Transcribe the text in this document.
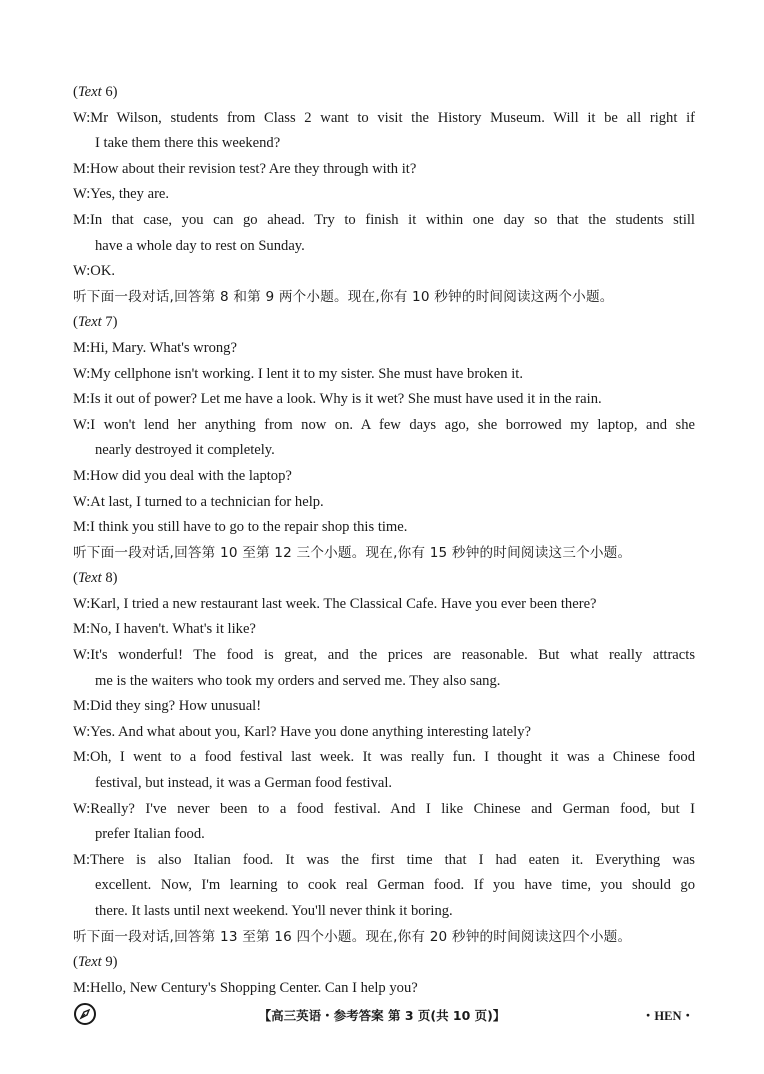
(Text 6)
W:Mr Wilson, students from Class 2 want to visit the History Museum. Will it be all right if
I take them there this weekend?
M:How about their revision test? Are they through with it?
W:Yes, they are.
M:In that case, you can go ahead. Try to finish it within one day so that the students still
have a whole day to rest on Sunday.
W:OK.
听下面一段对话,回答第 8 和第 9 两个小题。现在,你有 10 秒钟的时间阅读这两个小题。
(Text 7)
M:Hi, Mary. What's wrong?
W:My cellphone isn't working. I lent it to my sister. She must have broken it.
M:Is it out of power? Let me have a look. Why is it wet? She must have used it in the rain.
W:I won't lend her anything from now on. A few days ago, she borrowed my laptop, and she
nearly destroyed it completely.
M:How did you deal with the laptop?
W:At last, I turned to a technician for help.
M:I think you still have to go to the repair shop this time.
听下面一段对话,回答第 10 至第 12 三个小题。现在,你有 15 秒钟的时间阅读这三个小题。
(Text 8)
W:Karl, I tried a new restaurant last week. The Classical Cafe. Have you ever been there?
M:No, I haven't. What's it like?
W:It's wonderful! The food is great, and the prices are reasonable. But what really attracts
me is the waiters who took my orders and served me. They also sang.
M:Did they sing? How unusual!
W:Yes. And what about you, Karl? Have you done anything interesting lately?
M:Oh, I went to a food festival last week. It was really fun. I thought it was a Chinese food
festival, but instead, it was a German food festival.
W:Really? I've never been to a food festival. And I like Chinese and German food, but I
prefer Italian food.
M:There is also Italian food. It was the first time that I had eaten it. Everything was
excellent. Now, I'm learning to cook real German food. If you have time, you should go
there. It lasts until next weekend. You'll never think it boring.
听下面一段对话,回答第 13 至第 16 四个小题。现在,你有 20 秒钟的时间阅读这四个小题。
(Text 9)
M:Hello, New Century's Shopping Center. Can I help you?
【高三英语・参考答案 第 3 页(共 10 页)】	・HEN・
